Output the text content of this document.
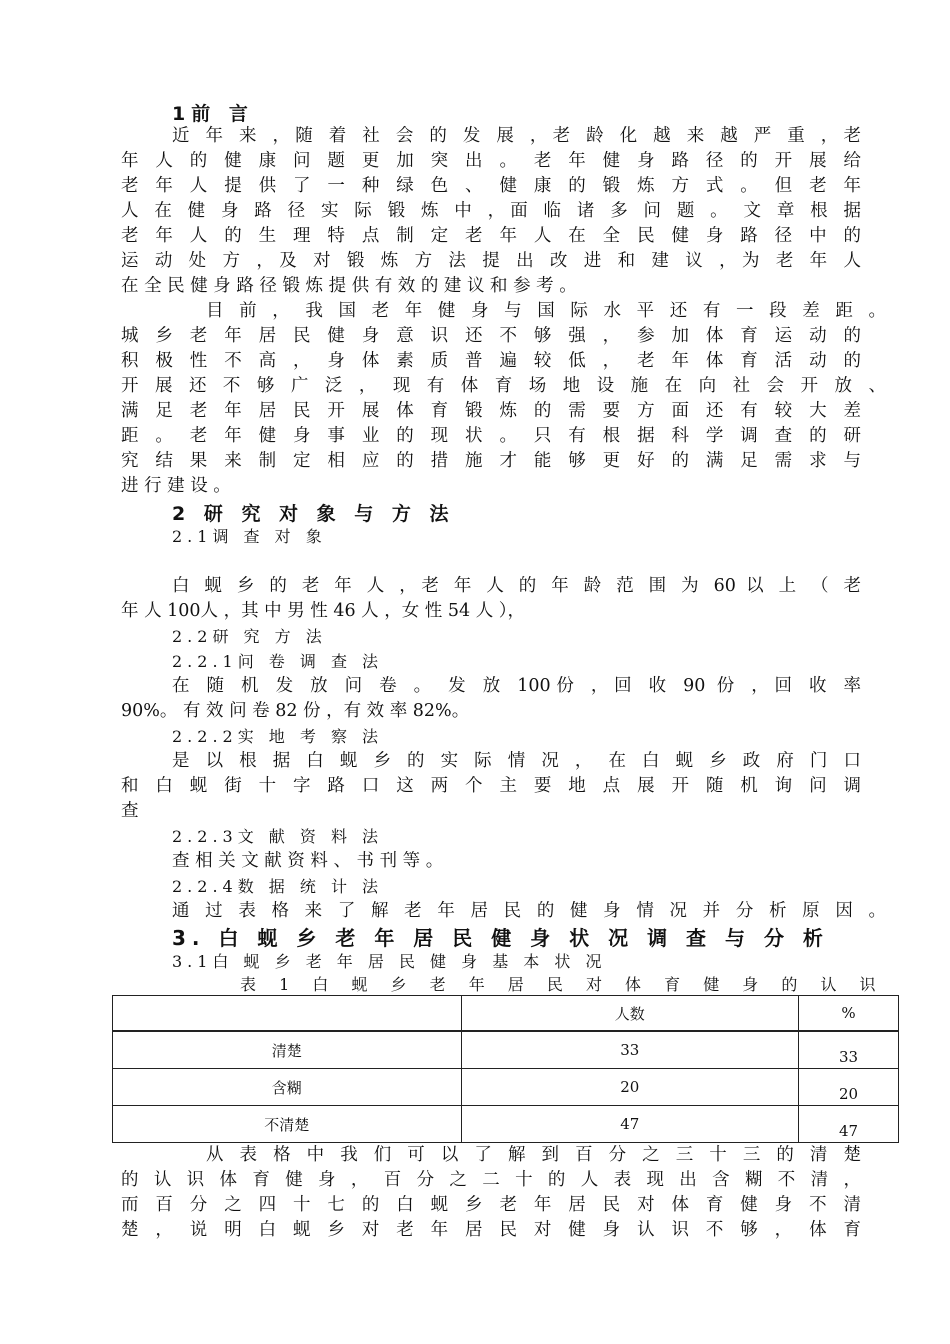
1前 言
近 年 来 ，随 着 社 会 的 发 展 ，老 龄 化 越 来 越 严 重 ，老
年 人 的 健 康 问 题 更 加 突 出 。 老 年 健 身 路 径 的 开 展 给
老 年 人 提 供 了 一 种 绿 色 、 健 康 的 锻 炼 方 式 。 但 老 年
人 在 健 身 路 径 实 际 锻 炼 中 ，面 临 诸 多 问 题 。 文 章 根 据
老 年 人 的 生 理 特 点 制 定 老 年 人 在 全 民 健 身 路 径 中 的
运 动 处 方 ，及 对 锻 炼 方 法 提 出 改 进 和 建 议 ，为 老 年 人
在 全 民 健 身 路 径 锻 炼 提 供 有 效 的 建 议 和 参 考 。
目 前 ， 我 国 老 年 健 身 与 国 际 水 平 还 有 一 段 差 距 。
城 乡 老 年 居 民 健 身 意 识 还 不 够 强 ， 参 加 体 育 运 动 的
积 极 性 不 高 ， 身 体 素 质 普 遍 较 低 ， 老 年 体 育 活 动 的
开 展 还 不 够 广 泛 ， 现 有 体 育 场 地 设 施 在 向 社 会 开 放 、
满 足 老 年 居 民 开 展 体 育 锻 炼 的 需 要 方 面 还 有 较 大 差
距 。 老 年 健 身 事 业 的 现 状 。 只 有 根 据 科 学 调 查 的 研
究 结 果 来 制 定 相 应 的 措 施 才 能 够 更 好 的 满 足 需 求 与
进 行 建 设 。
2 研 究 对 象 与 方 法
2.1调 查 对 象
白 蚬 乡 的 老 年 人 ，老 年 人 的 年 龄 范 围 为 60 以 上 （ 老
年 人 100人 ，其 中 男 性 46 人 ，女 性 54 人 ），
2.2研 究 方 法
2.2.1问 卷 调 查 法
在 随 机 发 放 问 卷 。 发 放 100份 ，回 收 90 份 ，回 收 率
90%。 有 效 问 卷 82 份 ，有 效 率 82%。
2.2.2实 地 考 察 法
是 以 根 据 白 蚬 乡 的 实 际 情 况 ， 在 白 蚬 乡 政 府 门 口
和 白 蚬 街 十 字 路 口 这 两 个 主 要 地 点 展 开 随 机 询 问 调
查
2.2.3文 献 资 料 法
查 相 关 文 献 资 料 、 书 刊 等 。
2.2.4数 据 统 计 法
通 过 表 格 来 了 解 老 年 居 民 的 健 身 情 况 并 分 析 原 因 。
3. 白 蚬 乡 老 年 居 民 健 身 状 况 调 查 与 分 析
3.1白 蚬 乡 老 年 居 民 健 身 基 本 状 况
表 1 白 蚬 乡 老 年 居 民 对 体 育 健 身 的 认 识
	人数	%
清楚	33	33
含糊	20	20
不清楚	47	47
从 表 格 中 我 们 可 以 了 解 到 百 分 之 三 十 三 的 清 楚
的 认 识 体 育 健 身 ， 百 分 之 二 十 的 人 表 现 出 含 糊 不 清 ，
而 百 分 之 四 十 七 的 白 蚬 乡 老 年 居 民 对 体 育 健 身 不 清
楚 ， 说 明 白 蚬 乡 对 老 年 居 民 对 健 身 认 识 不 够 ， 体 育
